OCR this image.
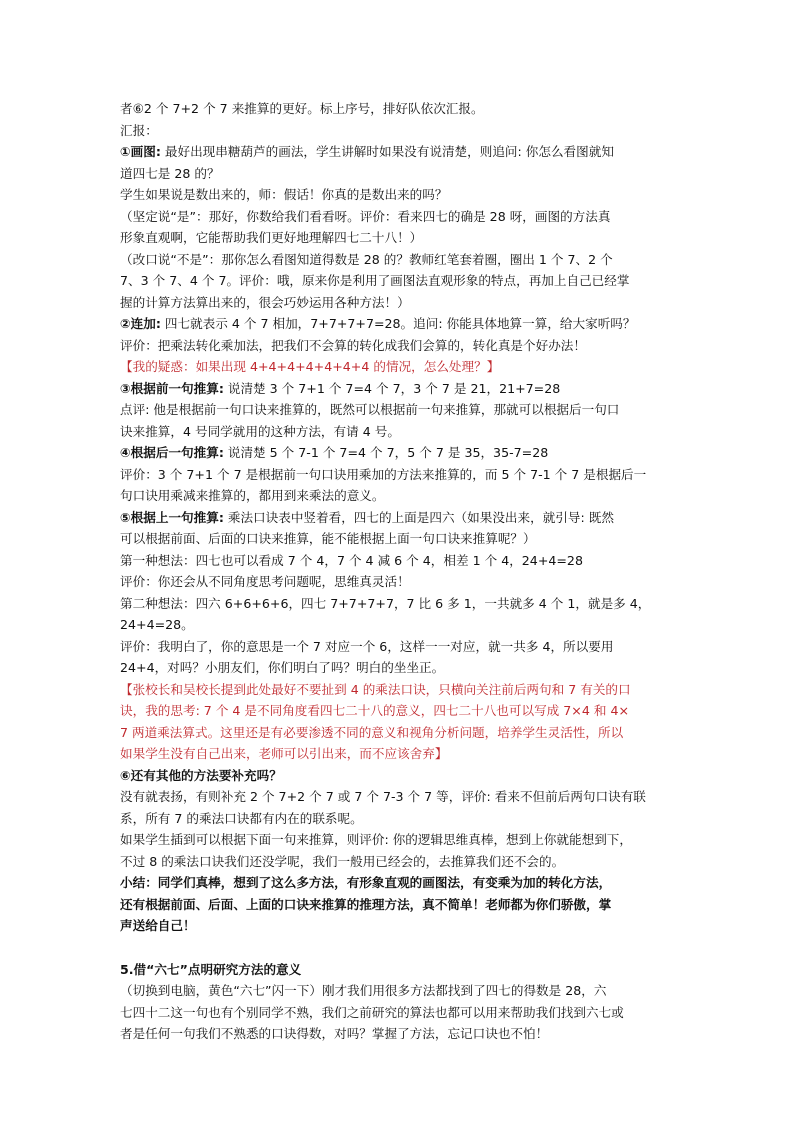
者⑥2 个 7+2 个 7 来推算的更好。标上序号，排好队依次汇报。
汇报：
①画图: 最好出现串糖葫芦的画法，学生讲解时如果没有说清楚，则追问: 你怎么看图就知
道四七是 28 的？
学生如果说是数出来的，师：假话！你真的是数出来的吗？
（坚定说“是”：那好，你数给我们看看呀。评价：看来四七的确是 28 呀，画图的方法真
形象直观啊，它能帮助我们更好地理解四七二十八！）
（改口说“不是”：那你怎么看图知道得数是 28 的？教师红笔套着圈，圈出 1 个 7、2 个
7、3 个 7、4 个 7。评价：哦，原来你是利用了画图法直观形象的特点，再加上自己已经掌
握的计算方法算出来的，很会巧妙运用各种方法！）
②连加: 四七就表示 4 个 7 相加，7+7+7+7=28。追问: 你能具体地算一算，给大家听吗？
评价：把乘法转化乘加法，把我们不会算的转化成我们会算的，转化真是个好办法！
【我的疑惑：如果出现 4+4+4+4+4+4+4 的情况，怎么处理？】
③根据前一句推算: 说清楚 3 个 7+1 个 7=4 个 7，3 个 7 是 21，21+7=28
点评: 他是根据前一句口诀来推算的，既然可以根据前一句来推算，那就可以根据后一句口
诀来推算，4 号同学就用的这种方法，有请 4 号。
④根据后一句推算: 说清楚 5 个 7-1 个 7=4 个 7，5 个 7 是 35，35-7=28
评价：3 个 7+1 个 7 是根据前一句口诀用乘加的方法来推算的，而 5 个 7-1 个 7 是根据后一
句口诀用乘减来推算的，都用到来乘法的意义。
⑤根据上一句推算: 乘法口诀表中竖着看，四七的上面是四六（如果没出来，就引导: 既然
可以根据前面、后面的口诀来推算，能不能根据上面一句口诀来推算呢？）
第一种想法：四七也可以看成 7 个 4，7 个 4 减 6 个 4，相差 1 个 4，24+4=28
评价：你还会从不同角度思考问题呢，思维真灵活！
第二种想法：四六 6+6+6+6，四七 7+7+7+7，7 比 6 多 1，一共就多 4 个 1，就是多 4，
24+4=28。
评价：我明白了，你的意思是一个 7 对应一个 6，这样一一对应，就一共多 4，所以要用
24+4，对吗？小朋友们，你们明白了吗？明白的坐坐正。
【张校长和吴校长提到此处最好不要扯到 4 的乘法口诀，只横向关注前后两句和 7 有关的口
诀，我的思考: 7 个 4 是不同角度看四七二十八的意义，四七二十八也可以写成 7×4 和 4×
7 两道乘法算式。这里还是有必要渗透不同的意义和视角分析问题，培养学生灵活性，所以
如果学生没有自己出来，老师可以引出来，而不应该舍弃】
⑥还有其他的方法要补充吗？
没有就表扬，有则补充 2 个 7+2 个 7 或 7 个 7-3 个 7 等，评价: 看来不但前后两句口诀有联
系，所有 7 的乘法口诀都有内在的联系呢。
如果学生插到可以根据下面一句来推算，则评价: 你的逻辑思维真棒，想到上你就能想到下，
不过 8 的乘法口诀我们还没学呢，我们一般用已经会的，去推算我们还不会的。
小结：同学们真棒，想到了这么多方法，有形象直观的画图法，有变乘为加的转化方法，
还有根据前面、后面、上面的口诀来推算的推理方法，真不简单！老师都为你们骄傲，掌
声送给自己！
5.借“六七”点明研究方法的意义
（切换到电脑，黄色“六七”闪一下）刚才我们用很多方法都找到了四七的得数是 28，六
七四十二这一句也有个别同学不熟，我们之前研究的算法也都可以用来帮助我们找到六七或
者是任何一句我们不熟悉的口诀得数，对吗？掌握了方法，忘记口诀也不怕！
